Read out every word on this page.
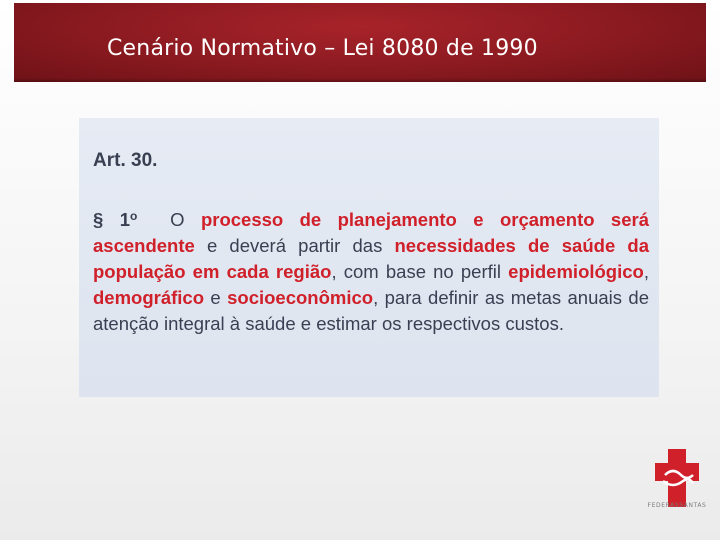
Cenário Normativo – Lei 8080 de 1990
Art. 30.

§ 1$^o$ O processo de planejamento e orçamento será ascendente e deverá partir das necessidades de saúde da população em cada região, com base no perfil epidemiológico, demográfico e socioeconômico, para definir as metas anuais de atenção integral à saúde e estimar os respectivos custos.

FEDERASSANTAS
